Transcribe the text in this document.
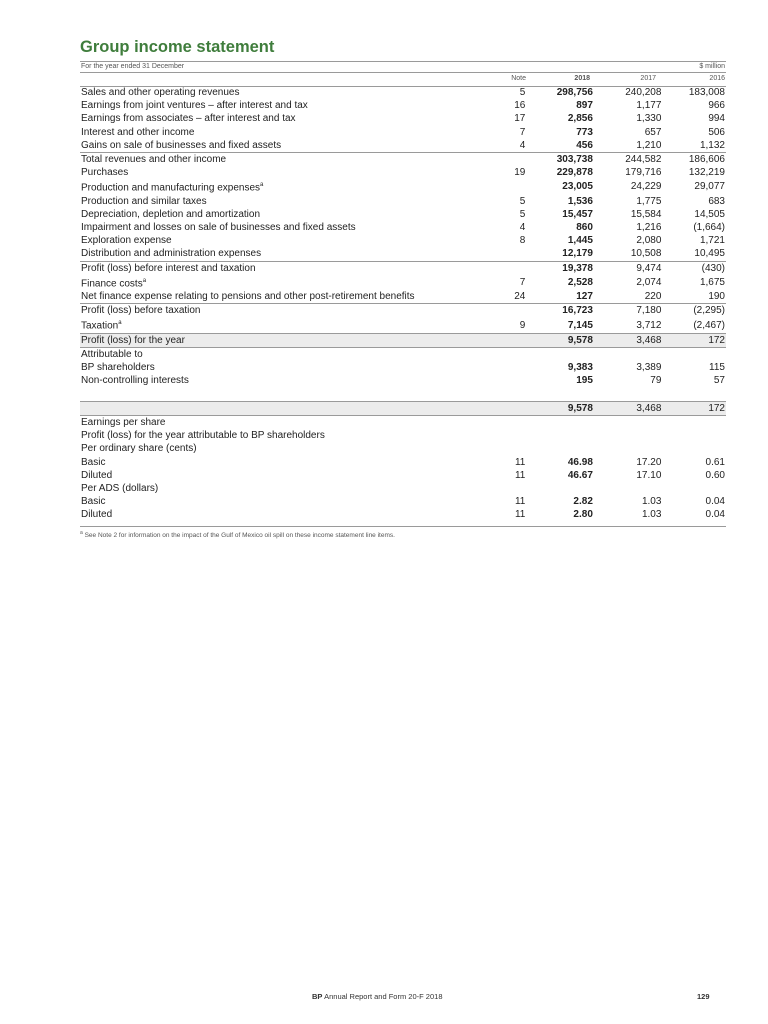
Group income statement
For the year ended 31 December	$ million
Note	2018	2017	2016
Sales and other operating revenues	5	298,756	240,208	183,008
Earnings from joint ventures – after interest and tax	16	897	1,177	966
Earnings from associates – after interest and tax	17	2,856	1,330	994
Interest and other income	7	773	657	506
Gains on sale of businesses and fixed assets	4	456	1,210	1,132
Total revenues and other income		303,738	244,582	186,606
Purchases	19	229,878	179,716	132,219
Production and manufacturing expenses$^a$		23,005	24,229	29,077
Production and similar taxes	5	1,536	1,775	683
Depreciation, depletion and amortization	5	15,457	15,584	14,505
Impairment and losses on sale of businesses and fixed assets	4	860	1,216	(1,664)
Exploration expense	8	1,445	2,080	1,721
Distribution and administration expenses		12,179	10,508	10,495
Profit (loss) before interest and taxation		19,378	9,474	(430)
Finance costs$^a$	7	2,528	2,074	1,675
Net finance expense relating to pensions and other post-retirement benefits	24	127	220	190
Profit (loss) before taxation		16,723	7,180	(2,295)
Taxation$^a$	9	7,145	3,712	(2,467)
Profit (loss) for the year		9,578	3,468	172
Attributable to				
BP shareholders		9,383	3,389	115
Non-controlling interests		195	79	57

		9,578	3,468	172
Earnings per share				
Profit (loss) for the year attributable to BP shareholders				
Per ordinary share (cents)				
Basic	11	46.98	17.20	0.61
Diluted	11	46.67	17.10	0.60
Per ADS (dollars)				
Basic	11	2.82	1.03	0.04
Diluted	11	2.80	1.03	0.04
$^a$ See Note 2 for information on the impact of the Gulf of Mexico oil spill on these income statement line items.
BP Annual Report and Form 20-F 2018	129
